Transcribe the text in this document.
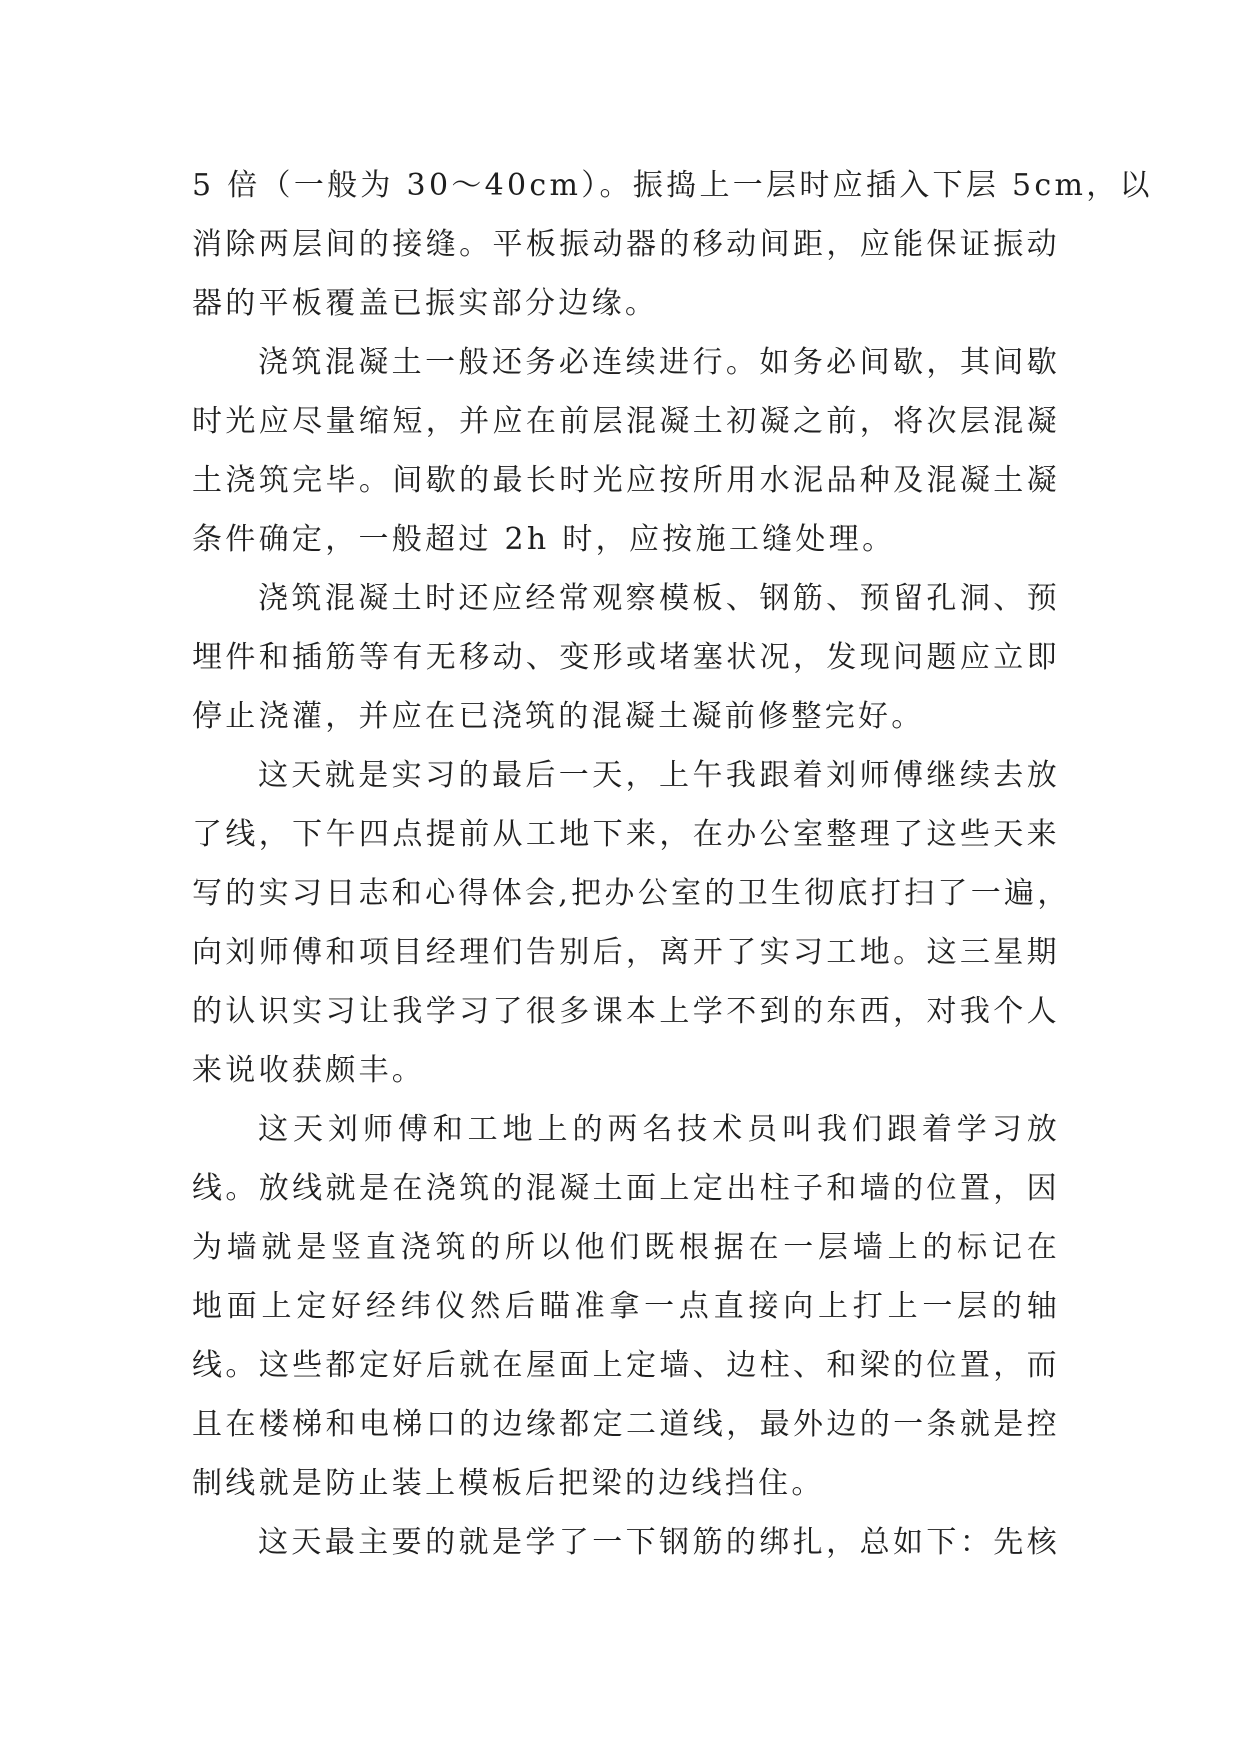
5 倍（一般为 30～40cm）。振捣上一层时应插入下层 5cm，以
消除两层间的接缝。平板振动器的移动间距，应能保证振动
器的平板覆盖已振实部分边缘。
浇筑混凝土一般还务必连续进行。如务必间歇，其间歇
时光应尽量缩短，并应在前层混凝土初凝之前，将次层混凝
土浇筑完毕。间歇的最长时光应按所用水泥品种及混凝土凝
条件确定，一般超过 2h 时，应按施工缝处理。
浇筑混凝土时还应经常观察模板、钢筋、预留孔洞、预
埋件和插筋等有无移动、变形或堵塞状况，发现问题应立即
停止浇灌，并应在已浇筑的混凝土凝前修整完好。
这天就是实习的最后一天，上午我跟着刘师傅继续去放
了线，下午四点提前从工地下来，在办公室整理了这些天来
写的实习日志和心得体会,把办公室的卫生彻底打扫了一遍，
向刘师傅和项目经理们告别后，离开了实习工地。这三星期
的认识实习让我学习了很多课本上学不到的东西，对我个人
来说收获颇丰。
这天刘师傅和工地上的两名技术员叫我们跟着学习放
线。放线就是在浇筑的混凝土面上定出柱子和墙的位置，因
为墙就是竖直浇筑的所以他们既根据在一层墙上的标记在
地面上定好经纬仪然后瞄准拿一点直接向上打上一层的轴
线。这些都定好后就在屋面上定墙、边柱、和梁的位置，而
且在楼梯和电梯口的边缘都定二道线，最外边的一条就是控
制线就是防止装上模板后把梁的边线挡住。
这天最主要的就是学了一下钢筋的绑扎，总如下：先核
